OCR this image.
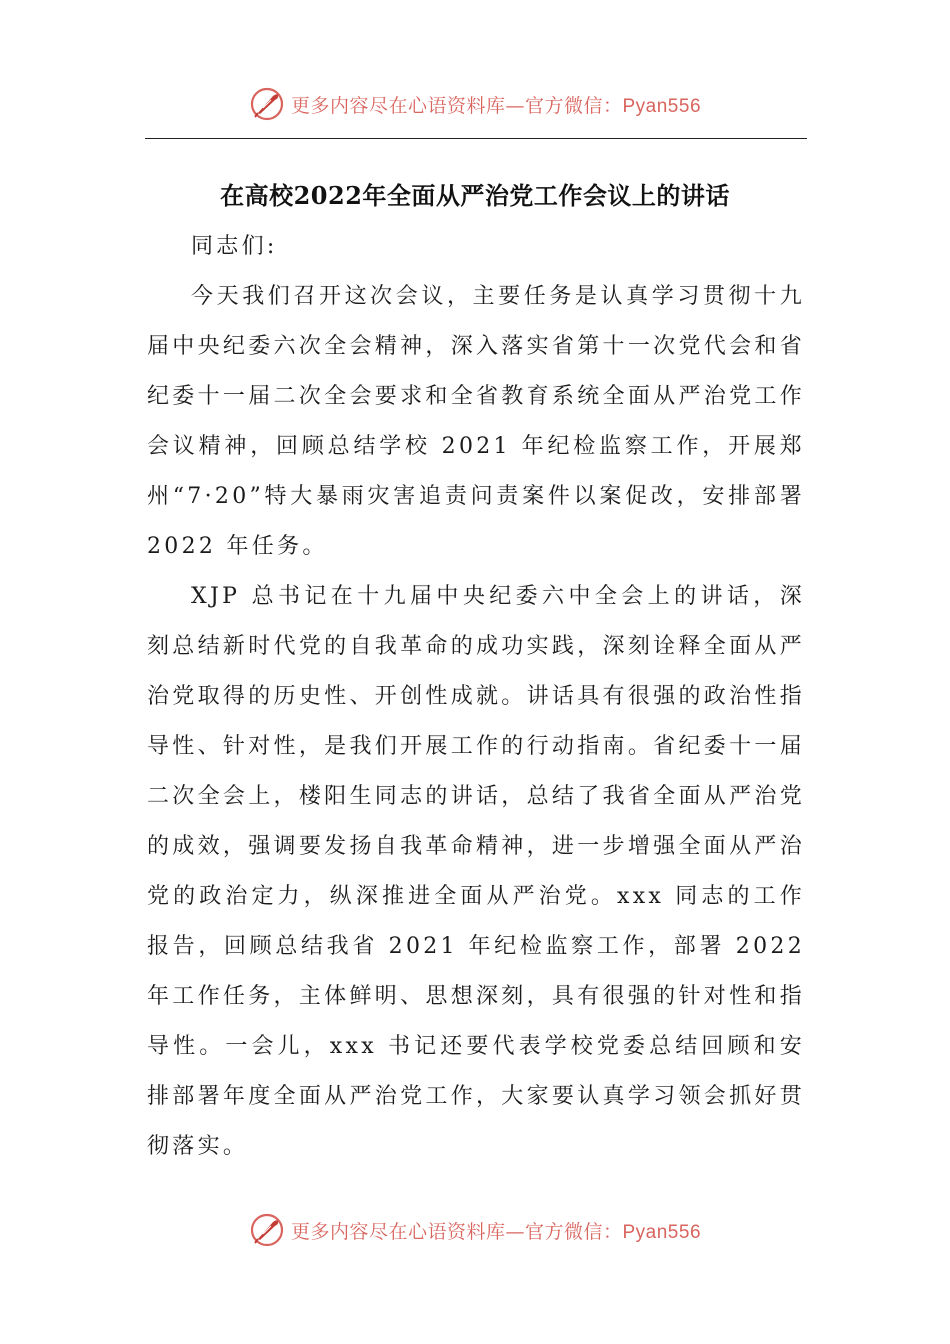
更多内容尽在心语资料库—官方微信：Pyan556
在高校2022年全面从严治党工作会议上的讲话

同志们:

今天我们召开这次会议，主要任务是认真学习贯彻十九届中央纪委六次全会精神，深入落实省第十一次党代会和省纪委十一届二次全会要求和全省教育系统全面从严治党工作会议精神，回顾总结学校 2021 年纪检监察工作，开展郑州“7·20”特大暴雨灾害追责问责案件以案促改，安排部署 2022 年任务。

XJP 总书记在十九届中央纪委六中全会上的讲话，深刻总结新时代党的自我革命的成功实践，深刻诠释全面从严治党取得的历史性、开创性成就。讲话具有很强的政治性指导性、针对性，是我们开展工作的行动指南。省纪委十一届二次全会上，楼阳生同志的讲话，总结了我省全面从严治党的成效，强调要发扬自我革命精神，进一步增强全面从严治党的政治定力，纵深推进全面从严治党。xxx 同志的工作报告，回顾总结我省 2021 年纪检监察工作，部署 2022 年工作任务，主体鲜明、思想深刻，具有很强的针对性和指导性。一会儿，xxx 书记还要代表学校党委总结回顾和安排部署年度全面从严治党工作，大家要认真学习领会抓好贯彻落实。

更多内容尽在心语资料库—官方微信：Pyan556
